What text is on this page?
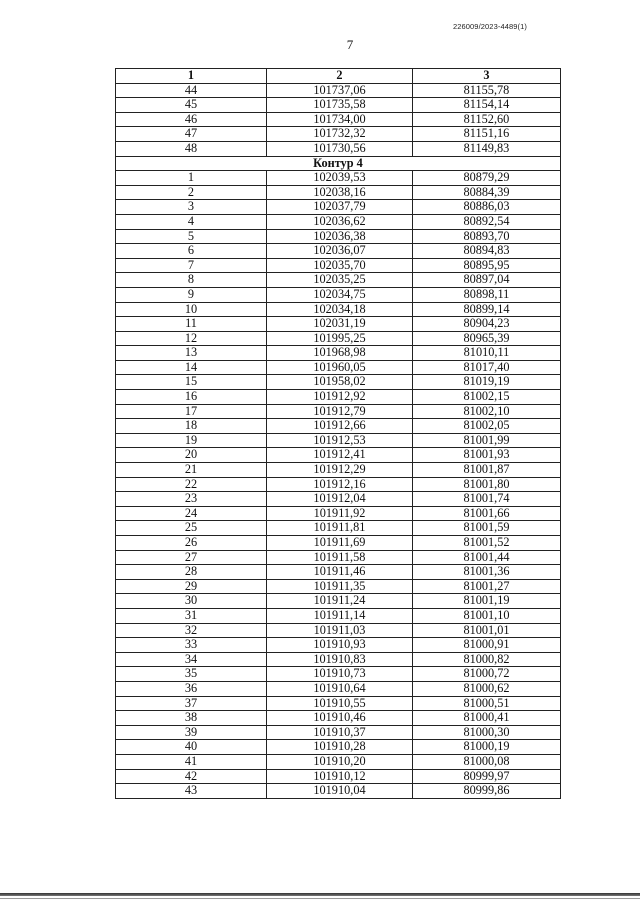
226009/2023-4489(1)
7
1	2	3
44	101737,06	81155,78
45	101735,58	81154,14
46	101734,00	81152,60
47	101732,32	81151,16
48	101730,56	81149,83
Контур 4		
1	102039,53	80879,29
2	102038,16	80884,39
3	102037,79	80886,03
4	102036,62	80892,54
5	102036,38	80893,70
6	102036,07	80894,83
7	102035,70	80895,95
8	102035,25	80897,04
9	102034,75	80898,11
10	102034,18	80899,14
11	102031,19	80904,23
12	101995,25	80965,39
13	101968,98	81010,11
14	101960,05	81017,40
15	101958,02	81019,19
16	101912,92	81002,15
17	101912,79	81002,10
18	101912,66	81002,05
19	101912,53	81001,99
20	101912,41	81001,93
21	101912,29	81001,87
22	101912,16	81001,80
23	101912,04	81001,74
24	101911,92	81001,66
25	101911,81	81001,59
26	101911,69	81001,52
27	101911,58	81001,44
28	101911,46	81001,36
29	101911,35	81001,27
30	101911,24	81001,19
31	101911,14	81001,10
32	101911,03	81001,01
33	101910,93	81000,91
34	101910,83	81000,82
35	101910,73	81000,72
36	101910,64	81000,62
37	101910,55	81000,51
38	101910,46	81000,41
39	101910,37	81000,30
40	101910,28	81000,19
41	101910,20	81000,08
42	101910,12	80999,97
43	101910,04	80999,86
